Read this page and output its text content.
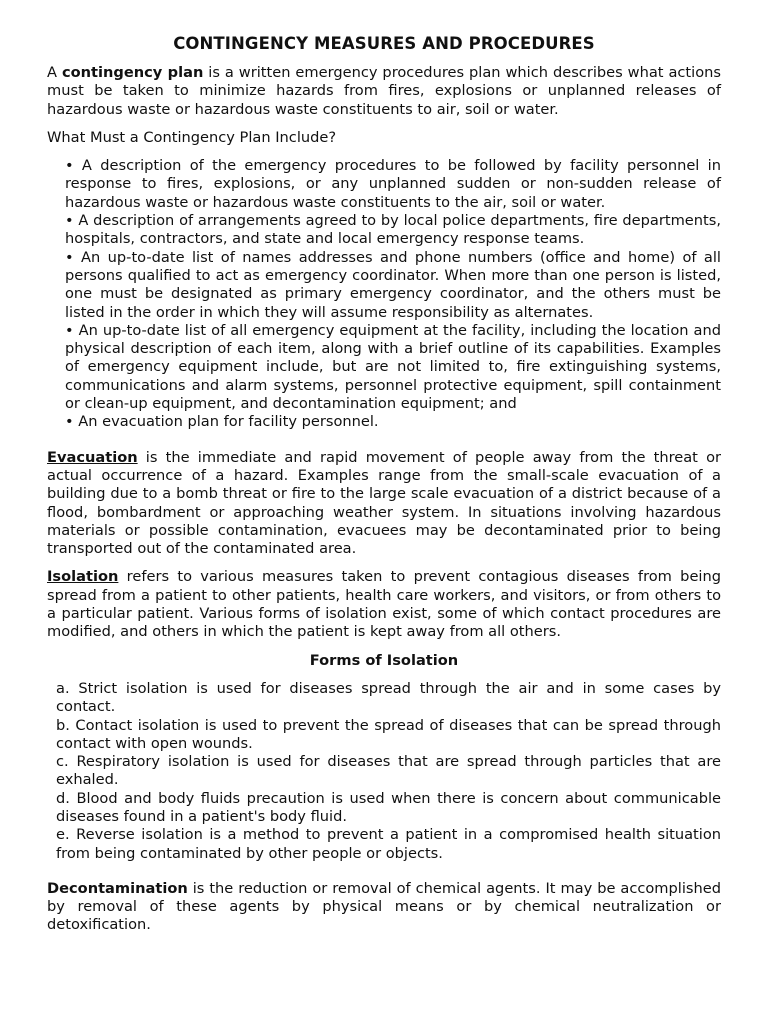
CONTINGENCY MEASURES AND PROCEDURES

A contingency plan is a written emergency procedures plan which describes what actions must be taken to minimize hazards from fires, explosions or unplanned releases of hazardous waste or hazardous waste constituents to air, soil or water.

What Must a Contingency Plan Include?

• A description of the emergency procedures to be followed by facility personnel in response to fires, explosions, or any unplanned sudden or non-sudden release of hazardous waste or hazardous waste constituents to the air, soil or water.
• A description of arrangements agreed to by local police departments, fire departments, hospitals, contractors, and state and local emergency response teams.
• An up-to-date list of names addresses and phone numbers (office and home) of all persons qualified to act as emergency coordinator. When more than one person is listed, one must be designated as primary emergency coordinator, and the others must be listed in the order in which they will assume responsibility as alternates.
• An up-to-date list of all emergency equipment at the facility, including the location and physical description of each item, along with a brief outline of its capabilities. Examples of emergency equipment include, but are not limited to, fire extinguishing systems, communications and alarm systems, personnel protective equipment, spill containment or clean-up equipment, and decontamination equipment; and
• An evacuation plan for facility personnel.

Evacuation is the immediate and rapid movement of people away from the threat or actual occurrence of a hazard. Examples range from the small-scale evacuation of a building due to a bomb threat or fire to the large scale evacuation of a district because of a flood, bombardment or approaching weather system. In situations involving hazardous materials or possible contamination, evacuees may be decontaminated prior to being transported out of the contaminated area.

Isolation refers to various measures taken to prevent contagious diseases from being spread from a patient to other patients, health care workers, and visitors, or from others to a particular patient. Various forms of isolation exist, some of which contact procedures are modified, and others in which the patient is kept away from all others.

Forms of Isolation
a. Strict isolation is used for diseases spread through the air and in some cases by contact.
b. Contact isolation is used to prevent the spread of diseases that can be spread through contact with open wounds.
c. Respiratory isolation is used for diseases that are spread through particles that are exhaled.
d. Blood and body fluids precaution is used when there is concern about communicable diseases found in a patient's body fluid.
e. Reverse isolation is a method to prevent a patient in a compromised health situation from being contaminated by other people or objects.

Decontamination is the reduction or removal of chemical agents. It may be accomplished by removal of these agents by physical means or by chemical neutralization or detoxification.
